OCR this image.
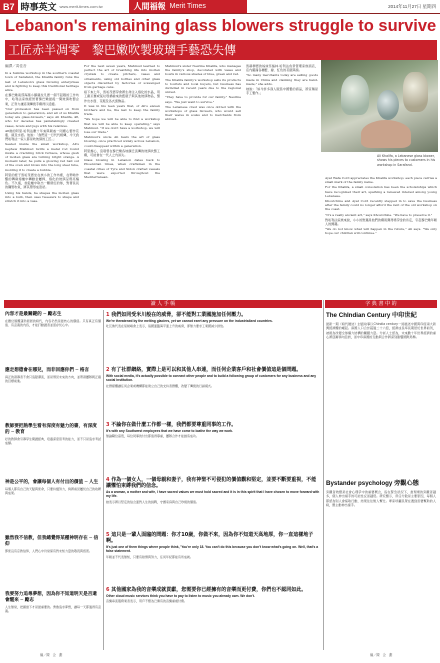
B7 時事英文 www.merit-times.com.tw	人間福報 Merit Times	2014年11月27日 星期四
Lebanon's remaining glass blowers struggle to survive
工匠赤半凋零　黎巴嫩吹製玻璃手藝恐失傳
編譯／黃佳音

In a humble workshop in the southern coastal town of Sarafand, the Khalifa family runs the last of Lebanon's glass blowing enterprises and is fighting to keep this traditional heritage alive.

在黎巴嫩南部海濱小鎮薩拉凡德一個不起眼的工作坊中，哈利法家族經營著黎巴嫩最後一間玻璃吹製企業，正努力讓這項傳統手藝得以延續。

"Our profession has been passed on from generation to generation, and all of us Khalifa today are glass-blowers," says Ali Khalifa, 48, who for decades has painstakingly created vases, bowls and jugs with his relatives.

48歲的阿里·哈利法數十年來與親戚一同細心製作花瓶、碗及水壺。他說：「我們這一行代代相傳，今天我們哈利法一家人都是吹玻璃的工匠。」

Seated inside the small workshop, Ali's nephew Mahmud twirls a metal rod round inside a crackling brick furnace, whose gush of molten glass are turning bright orange. A moment later, he pulls a glowing red ball out of the oven and blows into the long steel tube, molding it to create a bubble.

阿里的姪子馬哈茂德坐在狹小的工作坊裡，在劈啪作響的磚砌熔爐中轉動金屬桿，熔化的玻璃呈現亮橘色。不久後，他從爐中取出一顆發紅的球，對著長長的鋼管吹氣，將其塑形成泡狀。

Using his hands, he shapes the molten glass into a bulb, then uses tweezers to shape and stretch it into a vase.

For the next seven years, Mahmud learned to perfect the art of breathing life into molten crystals to create pitchers, vases and ornaments, using old bottles and other glass objects discarded by factories or scavenged from garbage cans.

接下來七年，馬哈茂德學會將生命注入熔化的水晶，用工廠丟棄或從垃圾桶撿來的舊瓶子與其他玻璃物品，製作出水壺、花瓶及各式裝飾品。

It was in his teen years that, of Ali's eleven brothers and he, the last to keep the family trade.

"We hope we will be able to find a workshop that we will be able to keep operating," says Mahmud. "If we don't have a workshop, we will lose our trade."

Mahmud's uncle Ali fears the art of glass blowing, once practiced widely across Lebanon, could disappear within a generation.

阿里擔心，這項曾在黎巴嫩各地廣泛流傳的玻璃吹製工藝，可能會在一代人之內消失。

Glass blowing in Lebanon dates back to Phoenician times, when craftsmen in the coastal cities of Tyre and Sidon crafted vessels that were exported throughout the Mediterranean.

Mahmud's sister Nesrine Khalifa, who manages the family's shop, decorated with vases and bowls in various shades of blue, green and red.

The Khalifa family's workshop sells its products to tourists and local buyers, but business has dwindled in recent years due to the regional unrest.

"They have to provide for our family," Nesrine says. "We just want to survive."

The Lebanese crest was once dotted with the workshops of glass blowers, who would sell their wares in souks and to merchants from abroad.

馬赫穆德的姊妹奈絲林·哈利法負責管理家族商店，店內擺滿各種藍、綠、紅色的花瓶與碗。

"So many merchants today are selling goods made in China and claiming they are hand-made," she adds.

她說：「如今許多商人販售中國製的商品，卻宣稱是手工製作。」

Ali Khalifa, a Lebanese glass blower, shows his pieces to customers in his workshop in Sarafand.

Ayat Wafa Cord appreciates the Khalifa workshop; each piece carries a small mark of the family name.

For the Khalifa, a small consolation has been the scholarships which have recognized their art, sparking a renewed interest among young Lebanese.

Khoutchine and Ayat Cord recently stepped in to save the business after the family could no longer afford the rent of the old workshop on the coast.

"It's a really ancient art," says Khoutchine. "We have to preserve it."

對哈利法家族來說，小小的慰藉是他們的藝術獲得獎學金的肯定，引起黎巴嫩年輕人的興趣。

"We do not know what will happen in the future," Ali says. "We only hope our children will continue."

讀 人 手 帳	字 典 書 中 的
內容才是最關鍵的 ─ 勵志生
在數位媒體蓬勃發展的時代，內容仍然是最核心的價值。只有真正有價值、有意義的內容，才能打動讀者並留存於心中。
應走想德會在哪兒，而非回應你們 ─ 格言
真正的領導者不會只追隨潮流，而是預見未來的方向，並帶領團隊朝正確的目標前進。
教師要把熱學生看有深度有魅力的書，有深度的 ─ 教育
好的教師會引導學生閱讀經典，培養深度思考的能力，而不只是追求考試成績。
神是公平的，會讓每個人有付出的價值 ─ 人生
每個人都有自己的天賦與使命，只要持續努力，終將看見屬於自己的收穫與成果。
雖然我不信教，但我總覺得某種神明存在 ─ 信仰
即使沒有宗教信仰，人們心中仍常保有對未知力量的敬畏與感恩。
我要努力追尋夢想，因為你不知道明天是否還會醒來 ─ 勵志
人生無常，把握當下才是最重要的。勇敢追求夢想，讓每一天都過得有意義。
1 我們如同受米川般在的威脅，卻不能對工業國施加任何壓力。
We're threatened by the melting glaciers, yet we cannot exert any pressure on the industrialized countries.
吐瓦魯代表在氣候峰會上表示，島國面臨海平面上升的威脅，卻無力要求工業國減少排放。
2 有了社群網絡，實際上是可以和其他人串連，而任何企業客戶和社會價值這是個問題。
With social media, it's actually possible to connect other people and to build a following group of customers for any business and any social institution.
社群媒體讓任何企業或機構都能建立自己的支持者群體，改變了傳統的行銷模式。
3 不論你在做什麼工作都一樣，我們都要尊重同事的工作。
It's with any Southwest employees that we have come to loathe the way we work.
無論職位高低，每位同事的付出都值得尊重，團隊合作才能創造成功。
4 作為一個女人，一個母親和妻子，我有神聖不可侵犯的價值觀和堅定，並要不斷要重視，不能讓懼怕束縛我們的信念。
As a woman, a mother and wife, I have sacred values we must hold sacred and it is in this spirit that I have chosen to move forward with my life.
她表示將以堅定的信念面對人生的挑戰，守護家庭與自己珍視的價值。
5 這只是一輩人面臨的問題：你才10歲，你做不來，因為你不知道天高地厚，你一直這樣地子啊。
It's just one of them things where people think, 'You're only 18. You can't do this because you don't know what's going on. Well, that's a false statement.
年輕並不代表無知，只要有熱情與努力，任何年紀都能有所成就。
6 其他國家為我的音樂成就貢獻，您需要你已經擁有的音樂而更付費，你們也不認同如此。
Other cloud music services think you have to pay to listen to music you already own. We don't.
音樂串流服務業者表示，用戶不應為已擁有的音樂重複付費。
The ChIndian Century 中印世紀
最新一期《時代雜誌》封面故事以Chindia century一詞描述中國與印度兩大新興經濟體的崛起。兩國人口合計超過二十六億，經濟成長率長期居於世界前列，被視為改變全球權力結構的關鍵力量。分析人士認為，未來數十年世界經濟的重心將逐漸移向亞洲，而中印兩國的互動與合作將深刻影響國際局勢。
Bystander psychology 旁觀心態
旁觀者效應是社會心理學中的重要概念，指在緊急狀況下，當現場的旁觀者越多，個人伸出援手的可能性反而越低。研究顯示，責任分散是主要原因，每個人都認為別人會採取行動，結果往往無人幫忙。專家呼籲民眾在遇到需要幫助的人時，應主動伸出援手。
編／陳　企　劃	編／陳　企　劃
